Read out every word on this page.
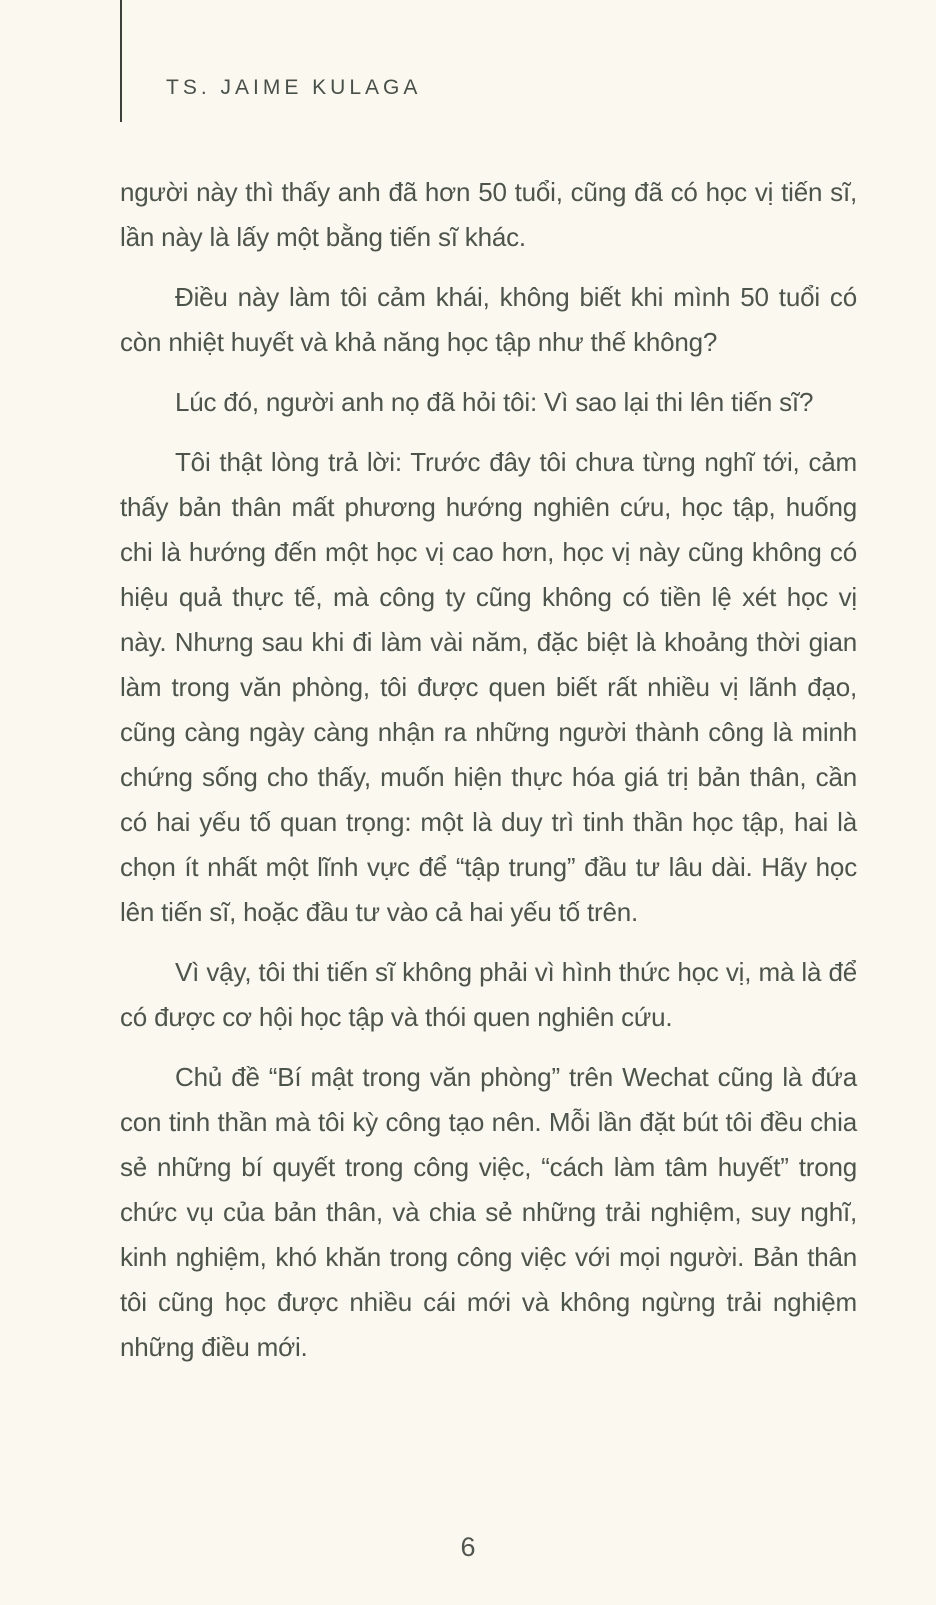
TS. JAIME KULAGA

người này thì thấy anh đã hơn 50 tuổi, cũng đã có học vị tiến sĩ, lần này là lấy một bằng tiến sĩ khác.

Điều này làm tôi cảm khái, không biết khi mình 50 tuổi có còn nhiệt huyết và khả năng học tập như thế không?

Lúc đó, người anh nọ đã hỏi tôi: Vì sao lại thi lên tiến sĩ?

Tôi thật lòng trả lời: Trước đây tôi chưa từng nghĩ tới, cảm thấy bản thân mất phương hướng nghiên cứu, học tập, huống chi là hướng đến một học vị cao hơn, học vị này cũng không có hiệu quả thực tế, mà công ty cũng không có tiền lệ xét học vị này. Nhưng sau khi đi làm vài năm, đặc biệt là khoảng thời gian làm trong văn phòng, tôi được quen biết rất nhiều vị lãnh đạo, cũng càng ngày càng nhận ra những người thành công là minh chứng sống cho thấy, muốn hiện thực hóa giá trị bản thân, cần có hai yếu tố quan trọng: một là duy trì tinh thần học tập, hai là chọn ít nhất một lĩnh vực để “tập trung” đầu tư lâu dài. Hãy học lên tiến sĩ, hoặc đầu tư vào cả hai yếu tố trên.

Vì vậy, tôi thi tiến sĩ không phải vì hình thức học vị, mà là để có được cơ hội học tập và thói quen nghiên cứu.

Chủ đề “Bí mật trong văn phòng” trên Wechat cũng là đứa con tinh thần mà tôi kỳ công tạo nên. Mỗi lần đặt bút tôi đều chia sẻ những bí quyết trong công việc, “cách làm tâm huyết” trong chức vụ của bản thân, và chia sẻ những trải nghiệm, suy nghĩ, kinh nghiệm, khó khăn trong công việc với mọi người. Bản thân tôi cũng học được nhiều cái mới và không ngừng trải nghiệm những điều mới.

6
